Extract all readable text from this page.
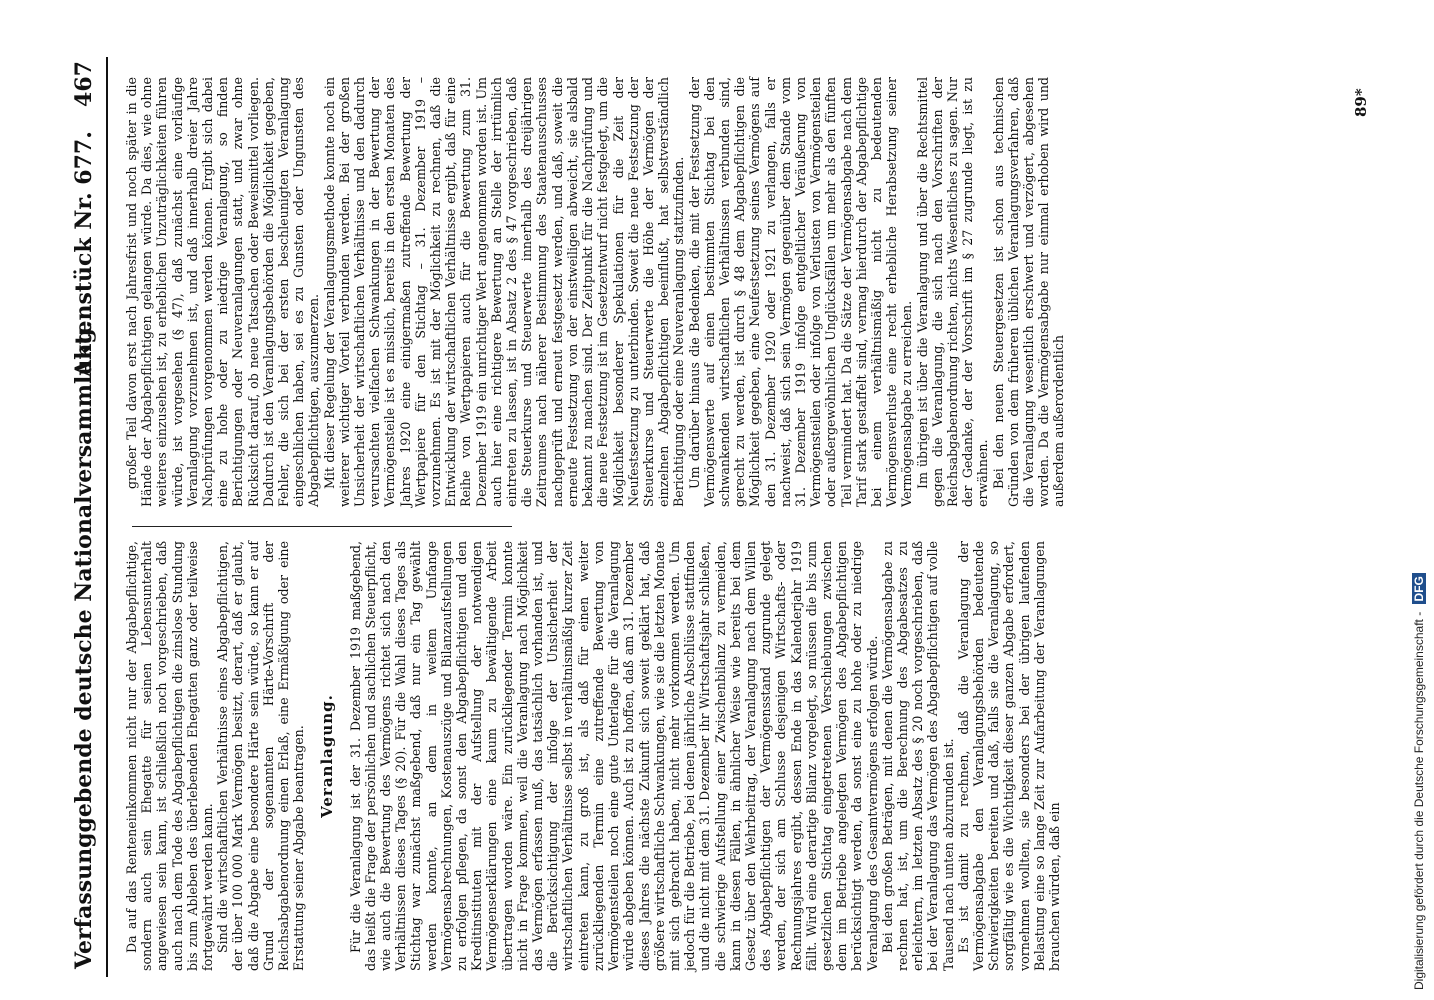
Verfassunggebende deutsche Nationalversammlung.
Aktenstück Nr. 677.
467

Da auf das Renteneinkommen nicht nur der Abgabepflichtige, sondern auch sein Ehegatte für seinen Lebensunterhalt angewiesen sein kann, ist schließlich noch vorgeschrieben, daß auch nach dem Tode des Abgabepflichtigen die zinslose Stundung bis zum Ableben des überlebenden Ehegatten ganz oder teilweise fortgewährt werden kann. Sind die wirtschaftlichen Verhältnisse eines Abgabepflichtigen, der über 100 000 Mark Vermögen besitzt, derart, daß er glaubt, daß die Abgabe eine besondere Härte sein würde, so kann er auf Grund der sogenannten Härte-Vorschrift der Reichsabgabenordnung einen Erlaß, eine Ermäßigung oder eine Erstattung seiner Abgabe beantragen. Veranlagung. Für die Veranlagung ist der 31. Dezember 1919 maßgebend, das heißt die Frage der persönlichen und sachlichen Steuerpflicht, wie auch die Bewertung des Vermögens richtet sich nach den Verhältnissen dieses Tages (§ 20). Für die Wahl dieses Tages als Stichtag war zunächst maßgebend, daß nur ein Tag gewählt werden konnte, an dem in weitem Umfange Vermögensabrechnungen, Kostenauszüge und Bilanzaufstellungen zu erfolgen pflegen, da sonst den Abgabepflichtigen und den Kreditinstituten mit der Aufstellung der notwendigen Vermögenserklärungen eine kaum zu bewältigende Arbeit übertragen worden wäre. Ein zurückliegender Termin konnte nicht in Frage kommen, weil die Veranlagung nach Möglichkeit das Vermögen erfassen muß, das tatsächlich vorhanden ist, und die Berücksichtigung der infolge der Unsicherheit der wirtschaftlichen Verhältnisse selbst in verhältnismäßig kurzer Zeit eintreten kann, zu groß ist, als daß für einen weiter zurückliegenden Termin eine zutreffende Bewertung von Vermögensteilen noch eine gute Unterlage für die Veranlagung würde abgeben können. Auch ist zu hoffen, daß am 31. Dezember dieses Jahres die nächste Zukunft sich soweit geklärt hat, daß größere wirtschaftliche Schwankungen, wie sie die letzten Monate mit sich gebracht haben, nicht mehr vorkommen werden. Um jedoch für die Betriebe, bei denen jährliche Abschlüsse stattfinden und die nicht mit dem 31. Dezember ihr Wirtschaftsjahr schließen, die schwierige Aufstellung einer Zwischenbilanz zu vermeiden, kann in diesen Fällen, in ähnlicher Weise wie bereits bei dem Gesetz über den Wehrbeitrag, der Veranlagung nach dem Willen des Abgabepflichtigen der Vermögensstand zugrunde gelegt werden, der sich am Schlusse desjenigen Wirtschafts- oder Rechnungsjahres ergibt, dessen Ende in das Kalenderjahr 1919 fällt. Wird eine derartige Bilanz vorgelegt, so müssen die bis zum gesetzlichen Stichtag eingetretenen Verschiebungen zwischen dem im Betriebe angelegten Vermögen des Abgabepflichtigen berücksichtigt werden, da sonst eine zu hohe oder zu niedrige Veranlagung des Gesamtvermögens erfolgen würde. Bei den großen Beträgen, mit denen die Vermögensabgabe zu rechnen hat, ist, um die Berechnung des Abgabesatzes zu erleichtern, im letzten Absatz des § 20 noch vorgeschrieben, daß bei der Veranlagung das Vermögen des Abgabepflichtigen auf volle Tausend nach unten abzurunden ist. Es ist damit zu rechnen, daß die Veranlagung der Vermögensabgabe den Veranlagungsbehörden bedeutende Schwierigkeiten bereiten und daß, falls sie die Veranlagung, so sorgfältig wie es die Wichtigkeit dieser ganzen Abgabe erfordert, vornehmen wollten, sie besonders bei der übrigen laufenden Belastung eine so lange Zeit zur Aufarbeitung der Veranlagungen brauchen würden, daß ein

großer Teil davon erst nach Jahresfrist und noch später in die Hände der Abgabepflichtigen gelangen würde. Da dies, wie ohne weiteres einzusehen ist, zu erheblichen Unzuträglichkeiten führen würde, ist vorgesehen (§ 47), daß zunächst eine vorläufige Veranlagung vorzunehmen ist, und daß innerhalb dreier Jahre Nachprüfungen vorgenommen werden können. Ergibt sich dabei eine zu hohe oder zu niedrige Veranlagung, so finden Berichtigungen oder Neuveranlagungen statt, und zwar ohne Rücksicht darauf, ob neue Tatsachen oder Beweismittel vorliegen. Dadurch ist den Veranlagungsbehörden die Möglichkeit gegeben, Fehler, die sich bei der ersten beschleunigten Veranlagung eingeschlichen haben, sei es zu Gunsten oder Ungunsten des Abgabepflichtigen, auszumerzen. Mit dieser Regelung der Veranlagungsmethode konnte noch ein weiterer wichtiger Vorteil verbunden werden. Bei der großen Unsicherheit der wirtschaftlichen Verhältnisse und den dadurch verursachten vielfachen Schwankungen in der Bewertung der Vermögensteile ist es misslich, bereits in den ersten Monaten des Jahres 1920 eine einigermaßen zutreffende Bewertung der Wertpapiere für den Stichtag – 31. Dezember 1919 – vorzunehmen. Es ist mit der Möglichkeit zu rechnen, daß die Entwicklung der wirtschaftlichen Verhältnisse ergibt, daß für eine Reihe von Wertpapieren auch für die Bewertung zum 31. Dezember 1919 ein unrichtiger Wert angenommen worden ist. Um auch hier eine richtigere Bewertung an Stelle der irrtümlich eintreten zu lassen, ist in Absatz 2 des § 47 vorgeschrieben, daß die Steuerkurse und Steuerwerte innerhalb des dreijährigen Zeitraumes nach näherer Bestimmung des Staatenausschusses nachgeprüft und erneut festgesetzt werden, und daß, soweit die erneute Festsetzung von der einstweiligen abweicht, sie alsbald bekannt zu machen sind. Der Zeitpunkt für die Nachprüfung und die neue Festsetzung ist im Gesetzentwurf nicht festgelegt, um die Möglichkeit besonderer Spekulationen für die Zeit der Neufestsetzung zu unterbinden. Soweit die neue Festsetzung der Steuerkurse und Steuerwerte die Höhe der Vermögen der einzelnen Abgabepflichtigen beeinflußt, hat selbstverständlich Berichtigung oder eine Neuveranlagung stattzufinden. Um darüber hinaus die Bedenken, die mit der Festsetzung der Vermögenswerte auf einen bestimmten Stichtag bei den schwankenden wirtschaftlichen Verhältnissen verbunden sind, gerecht zu werden, ist durch § 48 dem Abgabepflichtigen die Möglichkeit gegeben, eine Neufestsetzung seines Vermögens auf den 31. Dezember 1920 oder 1921 zu verlangen, falls er nachweist, daß sich sein Vermögen gegenüber dem Stande vom 31. Dezember 1919 infolge entgeltlicher Veräußerung von Vermögensteilen oder infolge von Verlusten von Vermögensteilen oder außergewöhnlichen Unglücksfällen um mehr als den fünften Teil vermindert hat. Da die Sätze der Vermögensabgabe nach dem Tarif stark gestaffelt sind, vermag hierdurch der Abgabepflichtige bei einem verhältnismäßig nicht zu bedeutenden Vermögensverluste eine recht erhebliche Herabsetzung seiner Vermögensabgabe zu erreichen. Im übrigen ist über die Veranlagung und über die Rechtsmittel gegen die Veranlagung, die sich nach den Vorschriften der Reichsabgabenordnung richten, nichts Wesentliches zu sagen. Nur der Gedanke, der der Vorschrift im § 27 zugrunde liegt, ist zu erwähnen. Bei den neuen Steuergesetzen ist schon aus technischen Gründen von dem früheren üblichen Veranlagungsverfahren, daß die Veranlagung wesentlich erschwert und verzögert, abgesehen worden. Da die Vermögensabgabe nur einmal erhoben wird und außerdem außerordentlich

89*
Digitalisierung gefördert durch die Deutsche Forschungsgemeinschaft - DFG
